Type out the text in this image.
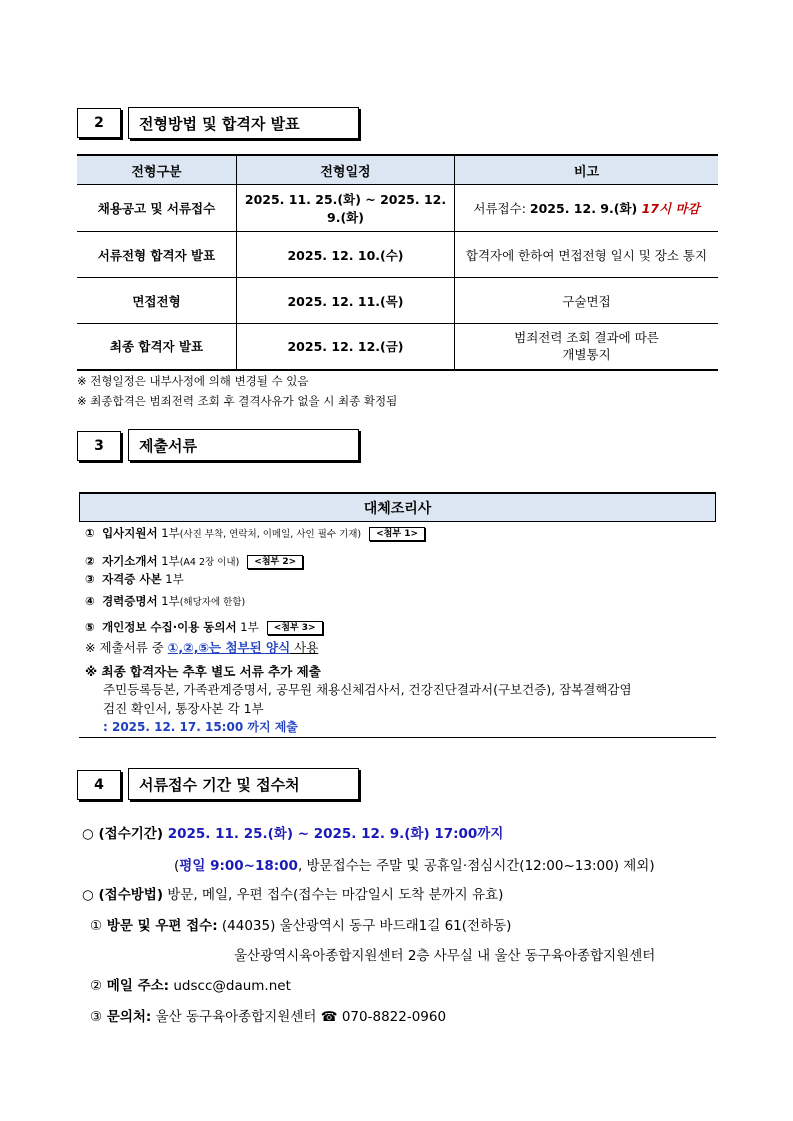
2	전형방법 및 합격자 발표
전형구분	전형일정	비고
채용공고 및 서류접수	2025. 11. 25.(화) ~ 2025. 12. 9.(화)	서류접수: 2025. 12. 9.(화) 17시 마감
서류전형 합격자 발표	2025. 12. 10.(수)	합격자에 한하여 면접전형 일시 및 장소 통지
면접전형	2025. 12. 11.(목)	구술면접
최종 합격자 발표	2025. 12. 12.(금)	범죄전력 조회 결과에 따른
개별통지
※ 전형일정은 내부사정에 의해 변경될 수 있음
※ 최종합격은 범죄전력 조회 후 결격사유가 없을 시 최종 확정됨
3	제출서류
대체조리사
① 입사지원서 1부(사진 부착, 연락처, 이메일, 사인 필수 기재) <첨부 1>
② 자기소개서 1부(A4 2장 이내) <첨부 2>
③ 자격증 사본 1부
④ 경력증명서 1부(해당자에 한함)
⑤ 개인정보 수집·이용 동의서 1부 <첨부 3>
※ 제출서류 중 ①,②,⑤는 첨부된 양식 사용
※ 최종 합격자는 추후 별도 서류 추가 제출
주민등록등본, 가족관계증명서, 공무원 채용신체검사서, 건강진단결과서(구보건증), 잠복결핵감염
검진 확인서, 통장사본 각 1부
: 2025. 12. 17. 15:00 까지 제출
4	서류접수 기간 및 접수처
○ (접수기간) 2025. 11. 25.(화) ~ 2025. 12. 9.(화) 17:00까지
(평일 9:00~18:00, 방문접수는 주말 및 공휴일·점심시간(12:00~13:00) 제외)
○ (접수방법) 방문, 메일, 우편 접수(접수는 마감일시 도착 분까지 유효)
① 방문 및 우편 접수: (44035) 울산광역시 동구 바드래1길 61(전하동)
울산광역시육아종합지원센터 2층 사무실 내 울산 동구육아종합지원센터
② 메일 주소: udscc@daum.net
③ 문의처: 울산 동구육아종합지원센터 ☎ 070-8822-0960
